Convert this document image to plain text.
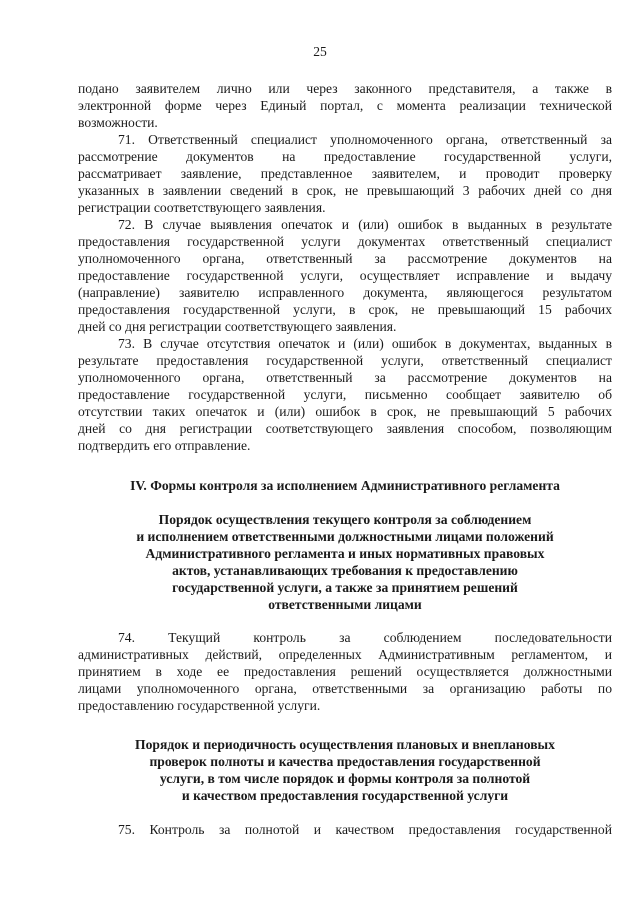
25
подано заявителем лично или через законного представителя, а также в
электронной форме через Единый портал, с момента реализации технической
возможности.
71. Ответственный специалист уполномоченного органа, ответственный за
рассмотрение документов на предоставление государственной услуги,
рассматривает заявление, представленное заявителем, и проводит проверку
указанных в заявлении сведений в срок, не превышающий 3 рабочих дней со дня
регистрации соответствующего заявления.
72. В случае выявления опечаток и (или) ошибок в выданных в результате
предоставления государственной услуги документах ответственный специалист
уполномоченного органа, ответственный за рассмотрение документов на
предоставление государственной услуги, осуществляет исправление и выдачу
(направление) заявителю исправленного документа, являющегося результатом
предоставления государственной услуги, в срок, не превышающий 15 рабочих
дней со дня регистрации соответствующего заявления.
73. В случае отсутствия опечаток и (или) ошибок в документах, выданных в
результате предоставления государственной услуги, ответственный специалист
уполномоченного органа, ответственный за рассмотрение документов на
предоставление государственной услуги, письменно сообщает заявителю об
отсутствии таких опечаток и (или) ошибок в срок, не превышающий 5 рабочих
дней со дня регистрации соответствующего заявления способом, позволяющим
подтвердить его отправление.
IV. Формы контроля за исполнением Административного регламента
Порядок осуществления текущего контроля за соблюдением
и исполнением ответственными должностными лицами положений
Административного регламента и иных нормативных правовых
актов, устанавливающих требования к предоставлению
государственной услуги, а также за принятием решений
ответственными лицами
74. Текущий контроль за соблюдением последовательности
административных действий, определенных Административным регламентом, и
принятием в ходе ее предоставления решений осуществляется должностными
лицами уполномоченного органа, ответственными за организацию работы по
предоставлению государственной услуги.
Порядок и периодичность осуществления плановых и внеплановых
проверок полноты и качества предоставления государственной
услуги, в том числе порядок и формы контроля за полнотой
и качеством предоставления государственной услуги
75. Контроль за полнотой и качеством предоставления государственной
